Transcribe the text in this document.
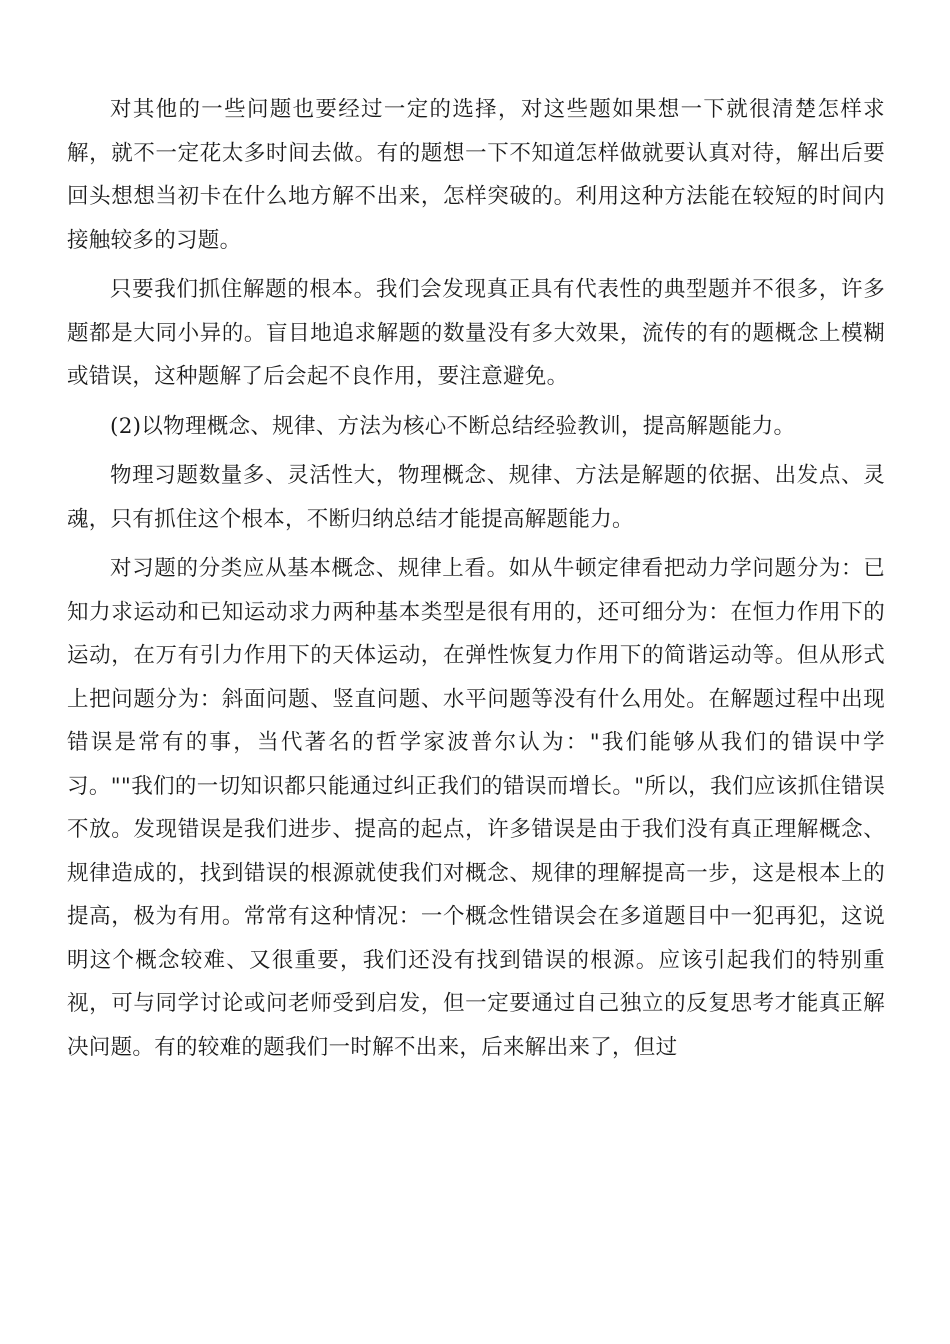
对其他的一些问题也要经过一定的选择，对这些题如果想一下就很清楚怎样求解，就不一定花太多时间去做。有的题想一下不知道怎样做就要认真对待，解出后要回头想想当初卡在什么地方解不出来，怎样突破的。利用这种方法能在较短的时间内接触较多的习题。

只要我们抓住解题的根本。我们会发现真正具有代表性的典型题并不很多，许多题都是大同小异的。盲目地追求解题的数量没有多大效果，流传的有的题概念上模糊或错误，这种题解了后会起不良作用，要注意避免。

(2)以物理概念、规律、方法为核心不断总结经验教训，提高解题能力。

物理习题数量多、灵活性大，物理概念、规律、方法是解题的依据、出发点、灵魂，只有抓住这个根本，不断归纳总结才能提高解题能力。

对习题的分类应从基本概念、规律上看。如从牛顿定律看把动力学问题分为：已知力求运动和已知运动求力两种基本类型是很有用的，还可细分为：在恒力作用下的运动，在万有引力作用下的天体运动，在弹性恢复力作用下的简谐运动等。但从形式上把问题分为：斜面问题、竖直问题、水平问题等没有什么用处。在解题过程中出现错误是常有的事，当代著名的哲学家波普尔认为："我们能够从我们的错误中学习。""我们的一切知识都只能通过纠正我们的错误而增长。"所以，我们应该抓住错误不放。发现错误是我们进步、提高的起点，许多错误是由于我们没有真正理解概念、规律造成的，找到错误的根源就使我们对概念、规律的理解提高一步，这是根本上的提高，极为有用。常常有这种情况：一个概念性错误会在多道题目中一犯再犯，这说明这个概念较难、又很重要，我们还没有找到错误的根源。应该引起我们的特别重视，可与同学讨论或问老师受到启发，但一定要通过自己独立的反复思考才能真正解决问题。有的较难的题我们一时解不出来，后来解出来了，但过
